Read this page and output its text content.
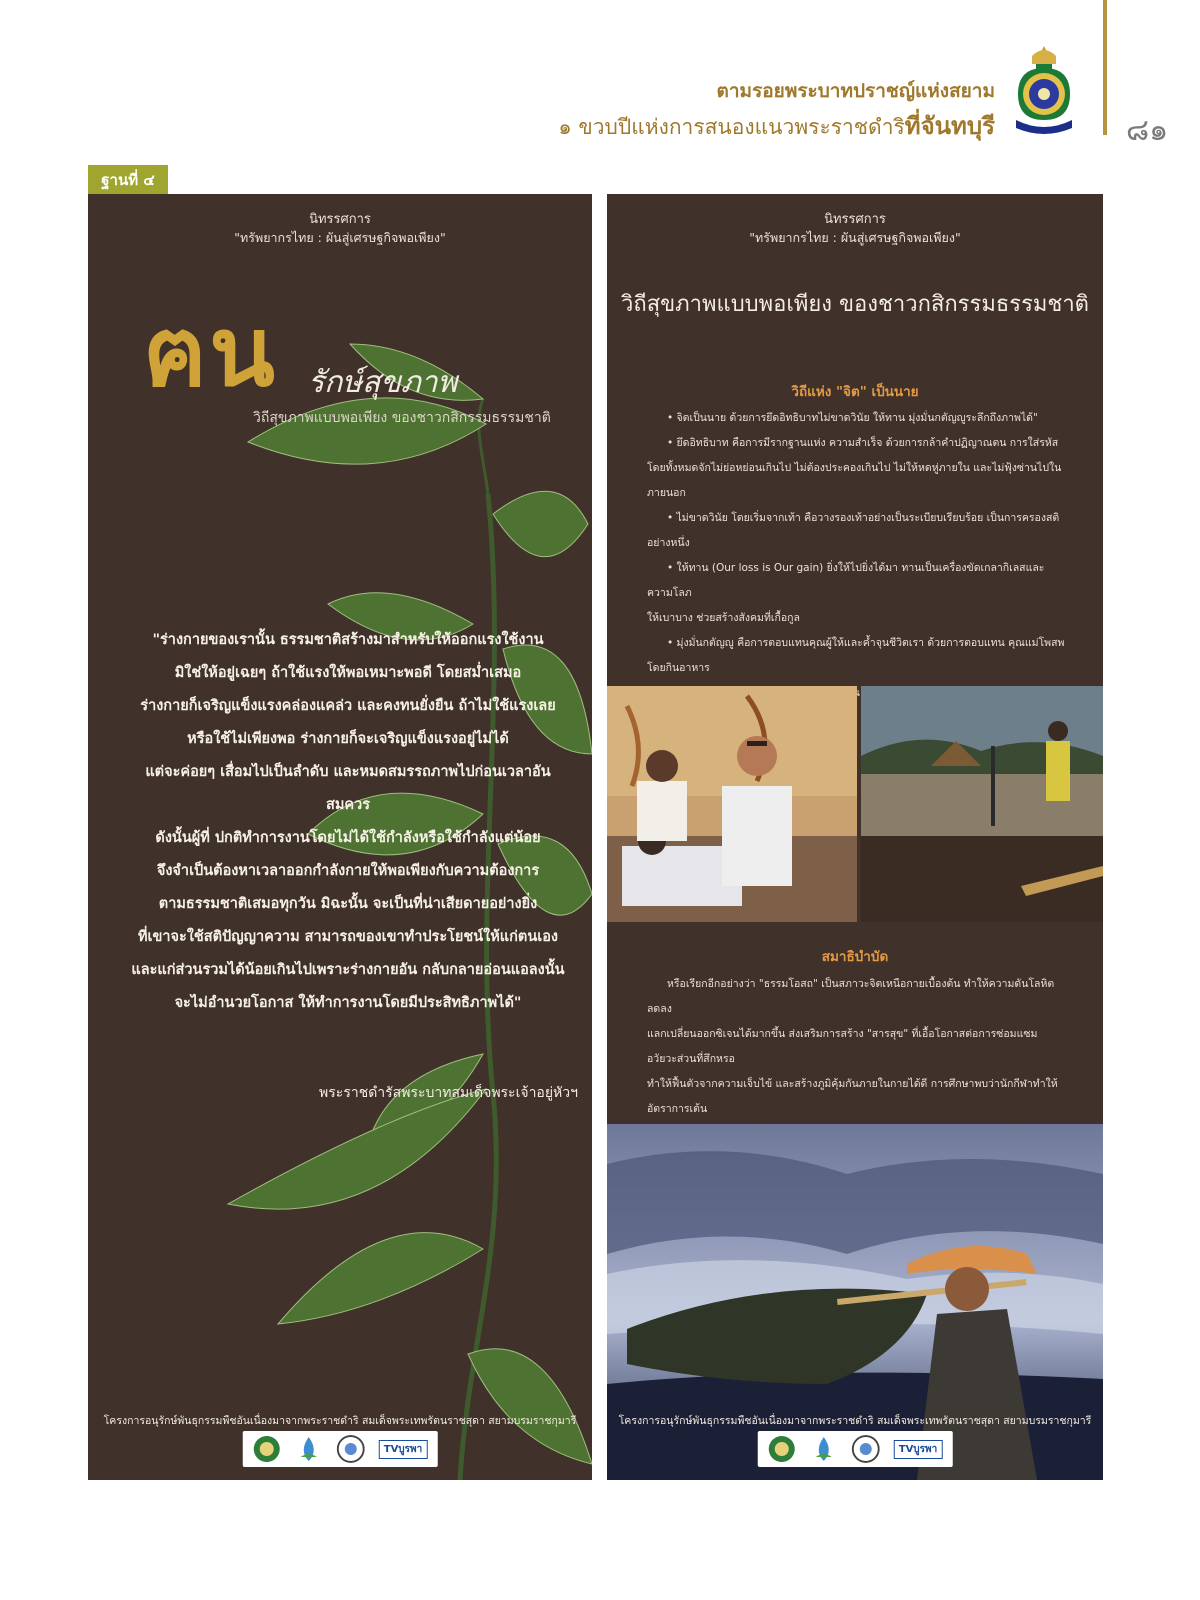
ตามรอยพระบาทปราชญ์แห่งสยาม
๑ ขวบปีแห่งการสนองแนวพระราชดำริที่จันทบุรี	๘๑
ฐานที่ ๔
นิทรรศการ
"ทรัพยากรไทย : ผันสู่เศรษฐกิจพอเพียง"
ฅน รักษ์สุขภาพ
วิถีสุขภาพแบบพอเพียง ของชาวกสิกรรมธรรมชาติ
"ร่างกายของเรานั้น ธรรมชาติสร้างมาสำหรับให้ออกแรงใช้งาน
มิใช่ให้อยู่เฉยๆ ถ้าใช้แรงให้พอเหมาะพอดี โดยสม่ำเสมอ
ร่างกายก็เจริญแข็งแรงคล่องแคล่ว และคงทนยั่งยืน ถ้าไม่ใช้แรงเลย
หรือใช้ไม่เพียงพอ ร่างกายก็จะเจริญแข็งแรงอยู่ไม่ได้
แต่จะค่อยๆ เสื่อมไปเป็นลำดับ และหมดสมรรถภาพไปก่อนเวลาอันสมควร
ดังนั้นผู้ที่ ปกติทำการงานโดยไม่ได้ใช้กำลังหรือใช้กำลังแต่น้อย
จึงจำเป็นต้องหาเวลาออกกำลังกายให้พอเพียงกับความต้องการ
ตามธรรมชาติเสมอทุกวัน มิฉะนั้น จะเป็นที่น่าเสียดายอย่างยิ่ง
ที่เขาจะใช้สติปัญญาความ สามารถของเขาทำประโยชน์ให้แก่ตนเอง
และแก่ส่วนรวมได้น้อยเกินไปเพราะร่างกายอัน กลับกลายอ่อนแอลงนั้น
จะไม่อำนวยโอกาส ให้ทำการงานโดยมีประสิทธิภาพได้"
พระราชดำรัสพระบาทสมเด็จพระเจ้าอยู่หัวฯ
โครงการอนุรักษ์พันธุกรรมพืชอันเนื่องมาจากพระราชดำริ สมเด็จพระเทพรัตนราชสุดา สยามบรมราชกุมารี
TVบูรพา
นิทรรศการ
"ทรัพยากรไทย : ผันสู่เศรษฐกิจพอเพียง"
วิถีสุขภาพแบบพอเพียง ของชาวกสิกรรมธรรมชาติ
วิถีแห่ง "จิต" เป็นนาย

• จิตเป็นนาย ด้วยการยึดอิทธิบาทไม่ขาดวินัย ให้ทาน มุ่งมั่นกตัญญูระลึกถึงภาพได้"

• ยึดอิทธิบาท คือการมีรากฐานแห่ง ความสำเร็จ ด้วยการกล้าคำปฏิญาณตน การใส่รหัส

โดยทั้งหมดจักไม่ย่อหย่อนเกินไป ไม่ต้องประคองเกินไป ไม่ให้หดหู่ภายใน และไม่ฟุ้งซ่านไปในภายนอก

• ไม่ขาดวินัย โดยเริ่มจากเท้า คือวางรองเท้าอย่างเป็นระเบียบเรียบร้อย เป็นการครองสติอย่างหนึ่ง

• ให้ทาน (Our loss is Our gain) ยิ่งให้ไปยิ่งได้มา ทานเป็นเครื่องขัดเกลากิเลสและความโลภ

ให้เบาบาง ช่วยสร้างสังคมที่เกื้อกูล

• มุ่งมั่นกตัญญู คือการตอบแทนคุณผู้ให้และค้ำจุนชีวิตเรา ด้วยการตอบแทน คุณแม่โพสพโดยกินอาหาร

สมาธิบำบัด

หรือเรียกอีกอย่างว่า "ธรรมโอสถ" เป็นสภาวะจิตเหนือกายเบื้องต้น ทำให้ความดันโลหิตลดลง

แลกเปลี่ยนออกซิเจนได้มากขึ้น ส่งเสริมการสร้าง "สารสุข" ที่เอื้อโอกาสต่อการซ่อมแซมอวัยวะส่วนที่สึกหรอ

ทำให้ฟื้นตัวจากความเจ็บไข้ และสร้างภูมิคุ้มกันภายในกายได้ดี การศึกษาพบว่านักกีฬาทำให้อัตราการเต้น

โครงการอนุรักษ์พันธุกรรมพืชอันเนื่องมาจากพระราชดำริ สมเด็จพระเทพรัตนราชสุดา สยามบรมราชกุมารี
TVบูรพา
